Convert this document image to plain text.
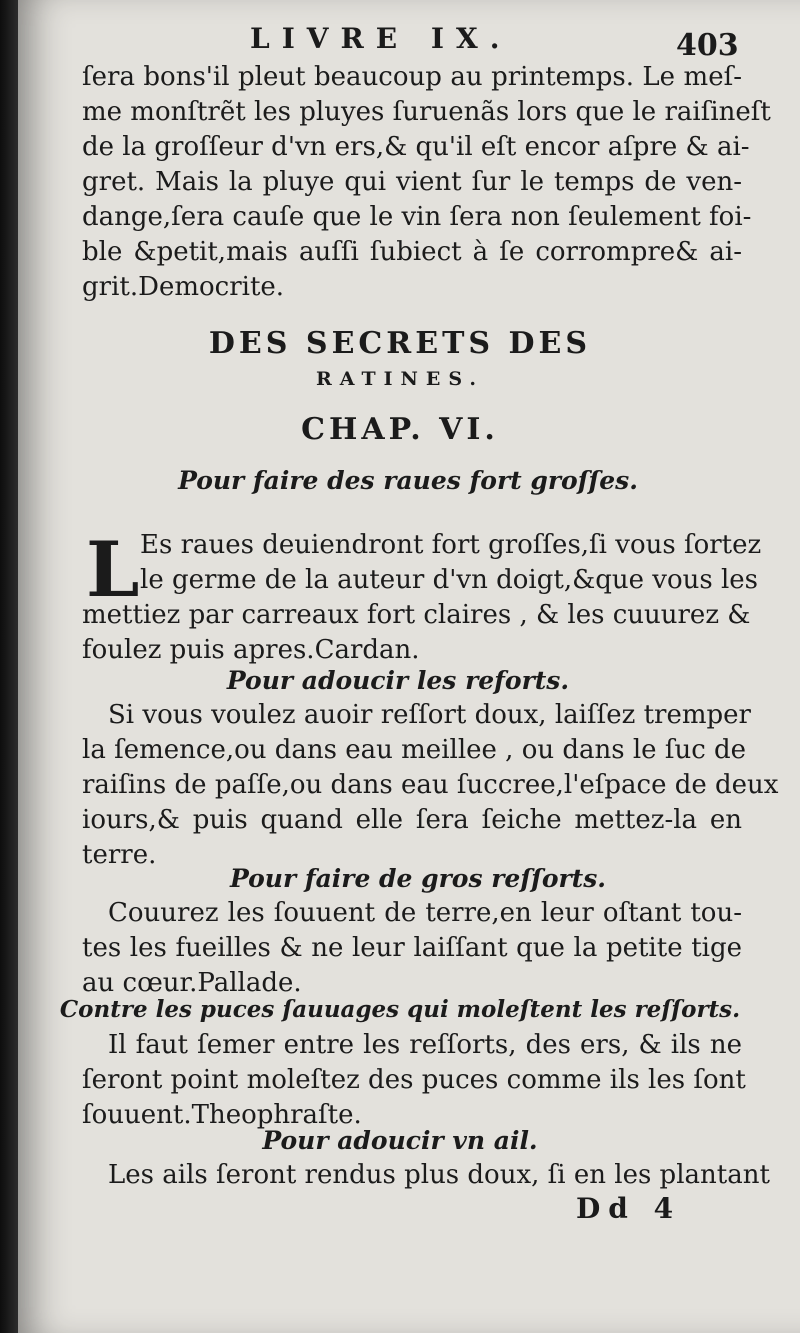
LIVRE IX.	403
ſera bons'il pleut beaucoup au printemps. Le meſ-
me monſtrẽt les pluyes ſuruenãs lors que le raiſineſt
de la groſſeur d'vn ers,& qu'il eſt encor aſpre & ai-
gret. Mais la pluye qui vient ſur le temps de ven-
dange,ſera cauſe que le vin ſera non ſeulement foi-
ble &petit,mais auſſi ſubiect à ſe corrompre& ai-
grit.Democrite.
DES SECRETS DES
RATINES.
CHAP. VI.
Pour faire des raues fort groſſes.
L Es raues deuiendront fort groſſes,ſi vous ſortez
le germe de la auteur d'vn doigt,&que vous les
mettiez par carreaux fort claires , & les cuuurez &
foulez puis apres.Cardan.
Pour adoucir les reforts.
Si vous voulez auoir reſſort doux, laiſſez tremper
la ſemence,ou dans eau meillee , ou dans le ſuc de
raiſins de paſſe,ou dans eau ſuccree,l'eſpace de deux
iours,& puis quand elle ſera ſeiche mettez-la en
terre.
Pour faire de gros reſſorts.
Couurez les ſouuent de terre,en leur oſtant tou-
tes les fueilles & ne leur laiſſant que la petite tige
au cœur.Pallade.
Contre les puces ſauuages qui moleſtent les reſſorts.
Il faut ſemer entre les reſſorts, des ers, & ils ne
ſeront point moleſtez des puces comme ils les ſont
ſouuent.Theophraſte.
Pour adoucir vn ail.
Les ails ſeront rendus plus doux, ſi en les plantant
Dd 4
